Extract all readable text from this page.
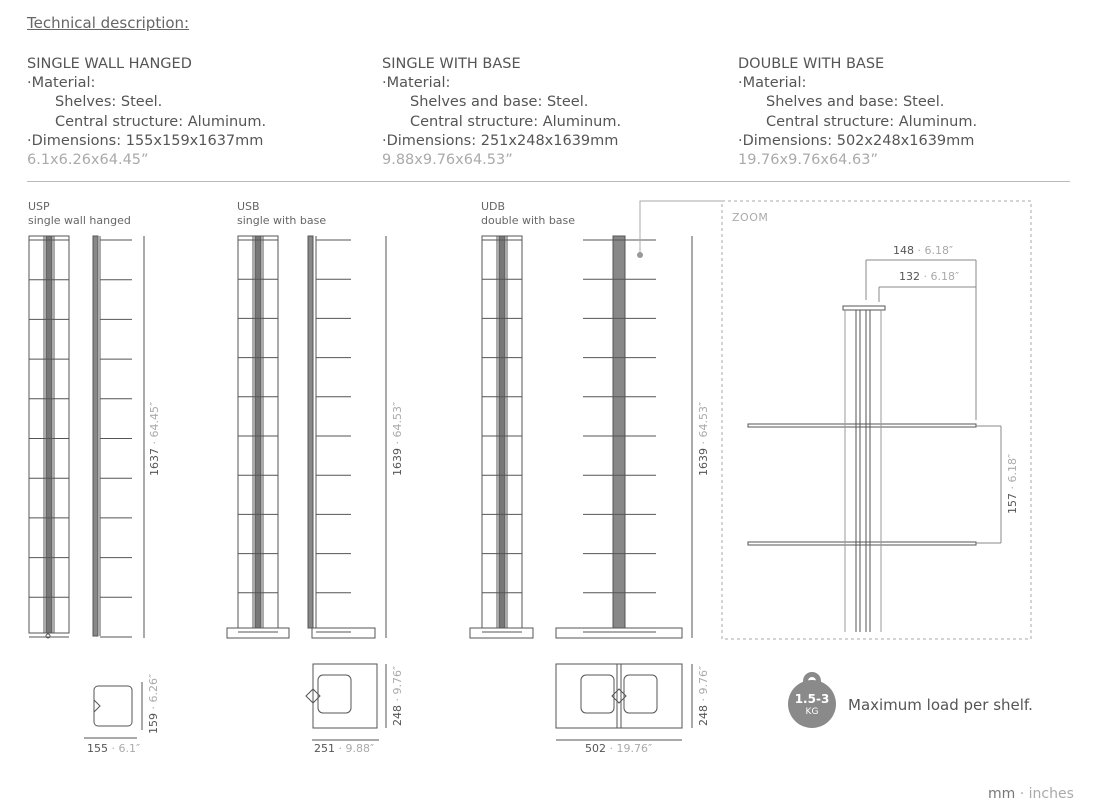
Technical description:
SINGLE WALL HANGED
·Material:
Shelves: Steel.
Central structure: Aluminum.
·Dimensions: 155x159x1637mm
6.1x6.26x64.45”
SINGLE WITH BASE
·Material:
Shelves and base: Steel.
Central structure: Aluminum.
·Dimensions: 251x248x1639mm
9.88x9.76x64.53”
DOUBLE WITH BASE
·Material:
Shelves and base: Steel.
Central structure: Aluminum.
·Dimensions: 502x248x1639mm
19.76x9.76x64.63”
USP
single wall hanged
USB
single with base
UDB
double with base
1637 · 64.45″
1639 · 64.53″
1639 · 64.53″
159 · 6.26″
248 · 9.76″
248 · 9.76″
157 · 6.18″
155 · 6.1″	251 · 9.88″	502 · 19.76″
148 · 6.18″
132 · 6.18″
ZOOM
1.5-3
KG	Maximum load per shelf.
mm · inches
